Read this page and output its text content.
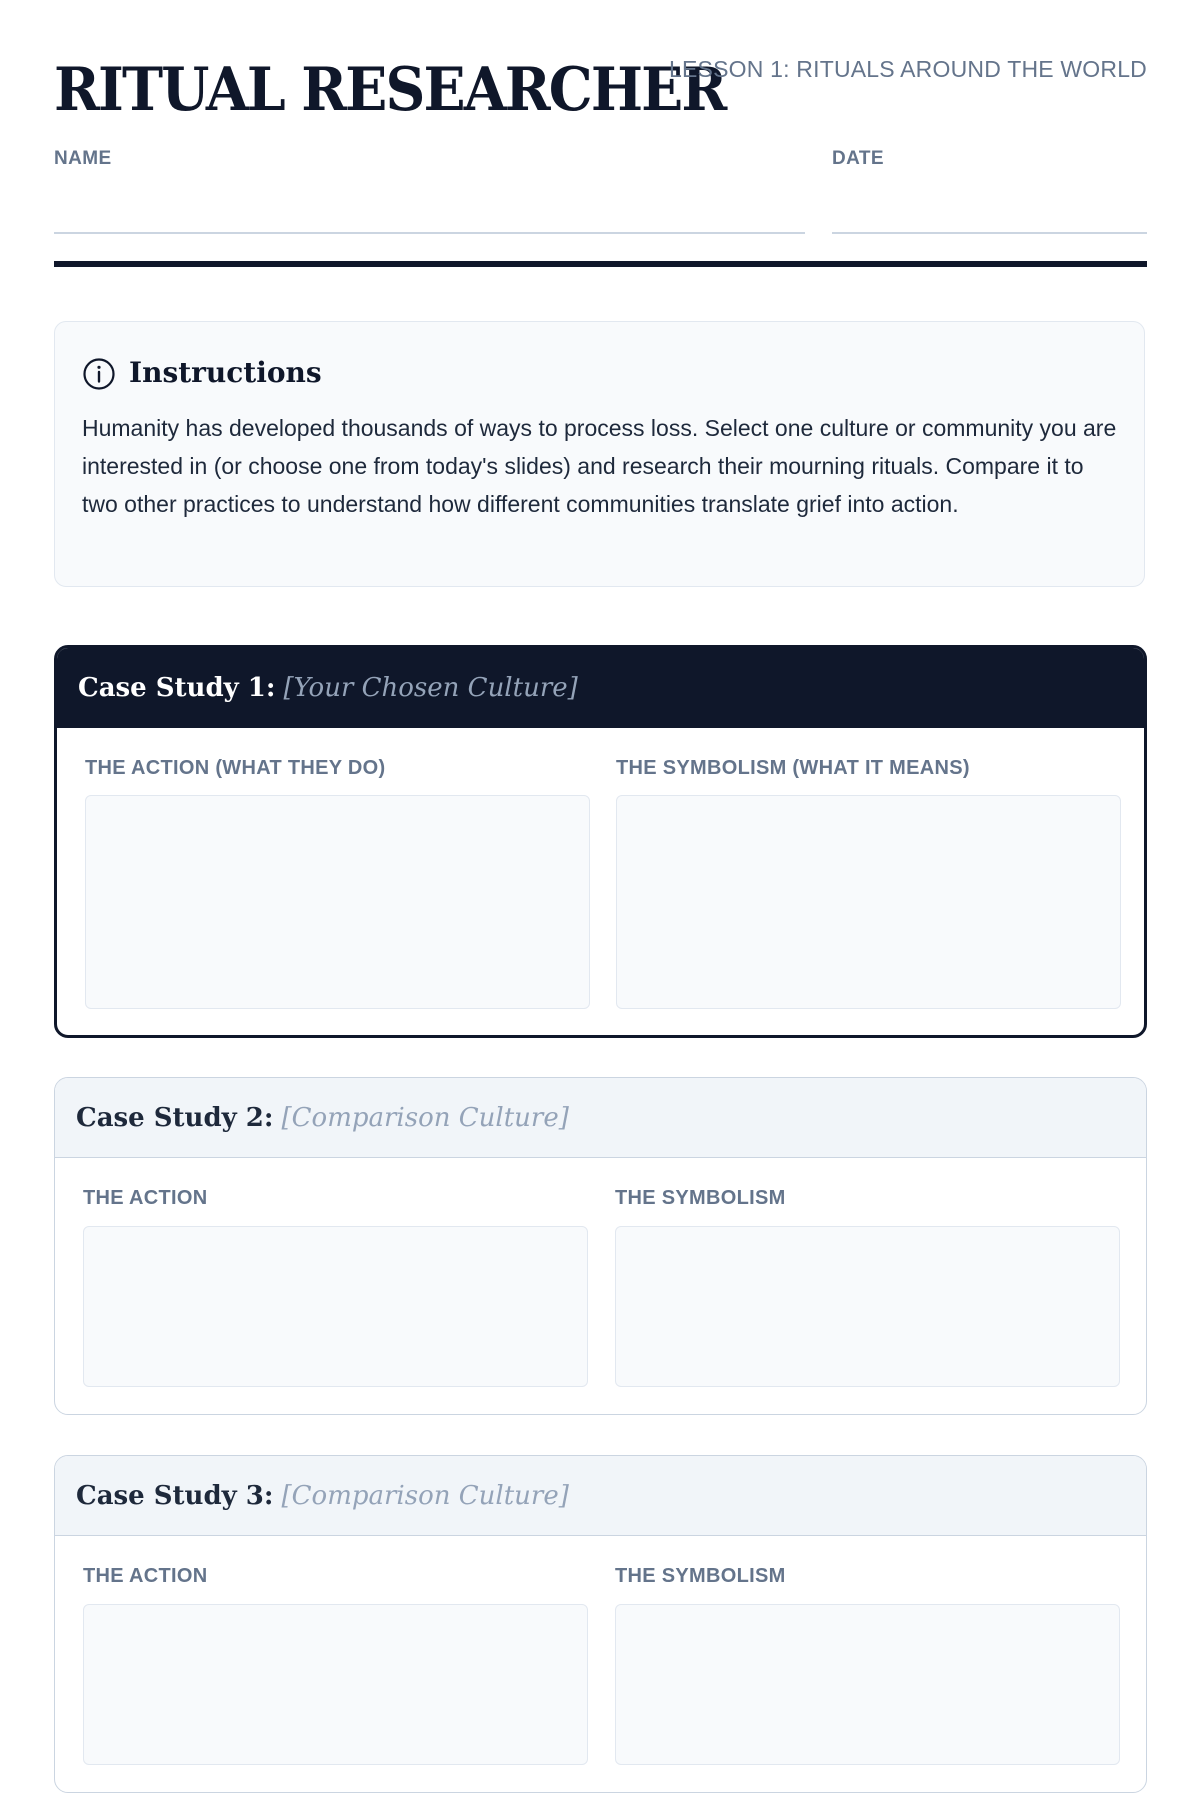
RITUAL RESEARCHER
LESSON 1: RITUALS AROUND THE WORLD
NAME	DATE
Instructions

Humanity has developed thousands of ways to process loss. Select one culture or community you are interested in (or choose one from today's slides) and research their mourning rituals. Compare it to two other practices to understand how different communities translate grief into action.

Case Study 1: [Your Chosen Culture]
THE ACTION (WHAT THEY DO)	THE SYMBOLISM (WHAT IT MEANS)
Case Study 2: [Comparison Culture]
THE ACTION	THE SYMBOLISM
Case Study 3: [Comparison Culture]
THE ACTION	THE SYMBOLISM
